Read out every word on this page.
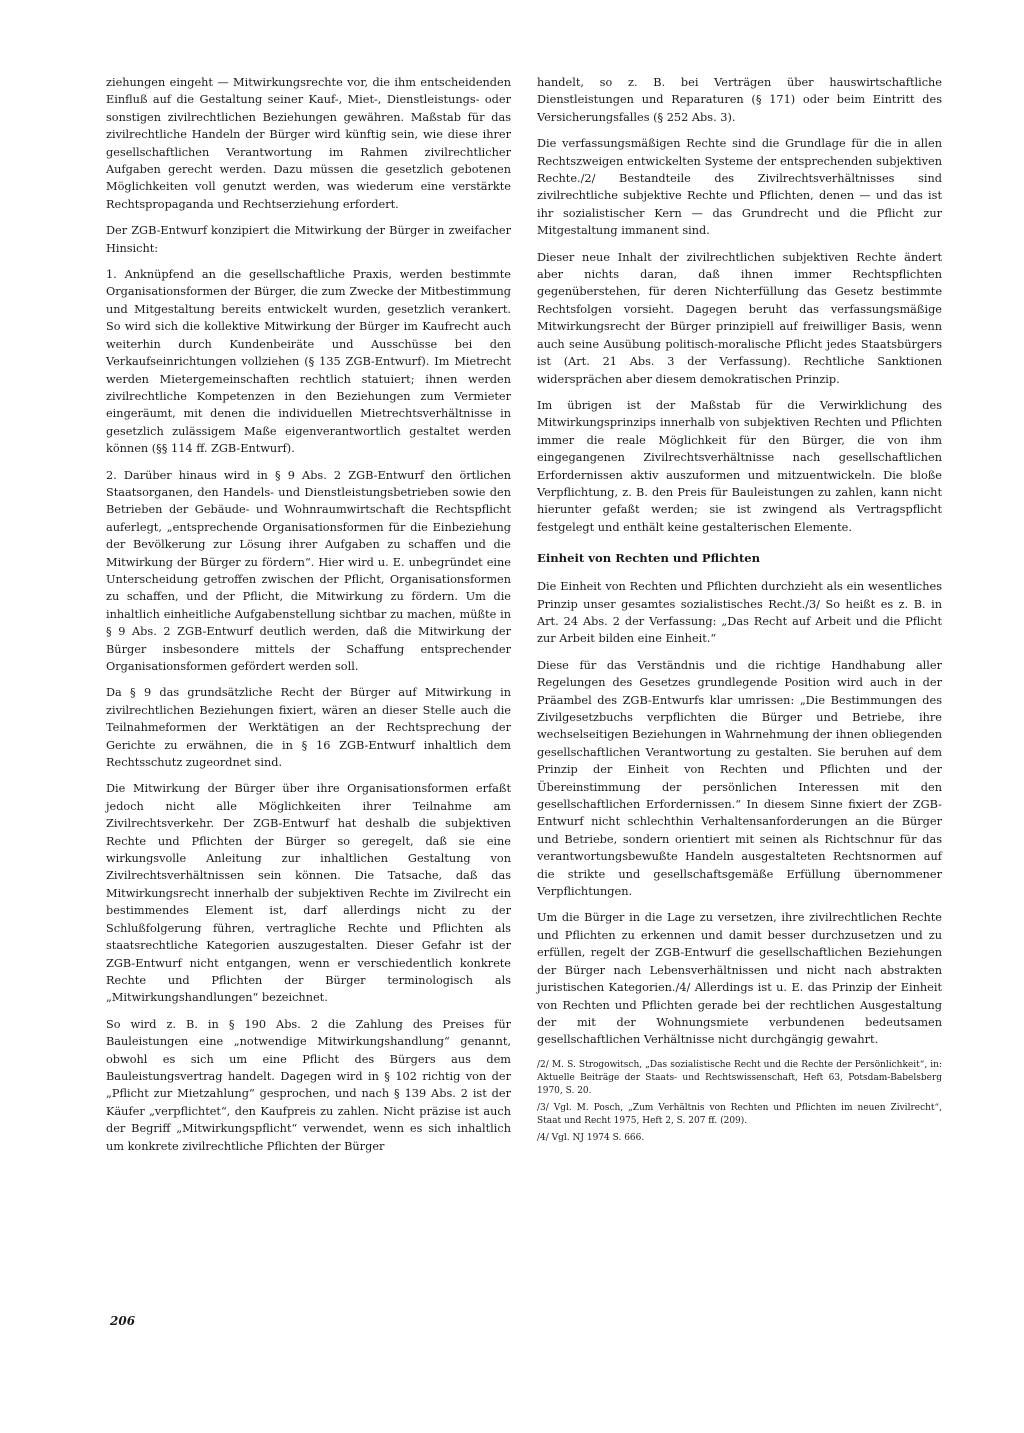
ziehungen eingeht — Mitwirkungsrechte vor, die ihm entscheidenden Einfluß auf die Gestaltung seiner Kauf-, Miet-, Dienstleistungs- oder sonstigen zivilrechtlichen Beziehungen gewähren. Maßstab für das zivilrechtliche Handeln der Bürger wird künftig sein, wie diese ihrer gesellschaftlichen Verantwortung im Rahmen zivilrechtlicher Aufgaben gerecht werden. Dazu müssen die gesetzlich gebotenen Möglichkeiten voll genutzt werden, was wiederum eine verstärkte Rechtspropaganda und Rechtserziehung erfordert.

Der ZGB-Entwurf konzipiert die Mitwirkung der Bürger in zweifacher Hinsicht:

1. Anknüpfend an die gesellschaftliche Praxis, werden bestimmte Organisationsformen der Bürger, die zum Zwecke der Mitbestimmung und Mitgestaltung bereits entwickelt wurden, gesetzlich verankert. So wird sich die kollektive Mitwirkung der Bürger im Kaufrecht auch weiterhin durch Kundenbeiräte und Ausschüsse bei den Verkaufseinrichtungen vollziehen (§ 135 ZGB-Entwurf). Im Mietrecht werden Mietergemeinschaften rechtlich statuiert; ihnen werden zivilrechtliche Kompetenzen in den Beziehungen zum Vermieter eingeräumt, mit denen die individuellen Mietrechtsverhältnisse in gesetzlich zulässigem Maße eigenverantwortlich gestaltet werden können (§§ 114 ff. ZGB-Entwurf).

2. Darüber hinaus wird in § 9 Abs. 2 ZGB-Entwurf den örtlichen Staatsorganen, den Handels- und Dienstleistungsbetrieben sowie den Betrieben der Gebäude- und Wohnraumwirtschaft die Rechtspflicht auferlegt, „entsprechende Organisationsformen für die Einbeziehung der Bevölkerung zur Lösung ihrer Aufgaben zu schaffen und die Mitwirkung der Bürger zu fördern“. Hier wird u. E. unbegründet eine Unterscheidung getroffen zwischen der Pflicht, Organisationsformen zu schaffen, und der Pflicht, die Mitwirkung zu fördern. Um die inhaltlich einheitliche Aufgabenstellung sichtbar zu machen, müßte in § 9 Abs. 2 ZGB-Entwurf deutlich werden, daß die Mitwirkung der Bürger insbesondere mittels der Schaffung entsprechender Organisationsformen gefördert werden soll.

Da § 9 das grundsätzliche Recht der Bürger auf Mitwirkung in zivilrechtlichen Beziehungen fixiert, wären an dieser Stelle auch die Teilnahmeformen der Werktätigen an der Rechtsprechung der Gerichte zu erwähnen, die in § 16 ZGB-Entwurf inhaltlich dem Rechtsschutz zugeordnet sind.

Die Mitwirkung der Bürger über ihre Organisationsformen erfaßt jedoch nicht alle Möglichkeiten ihrer Teilnahme am Zivilrechtsverkehr. Der ZGB-Entwurf hat deshalb die subjektiven Rechte und Pflichten der Bürger so geregelt, daß sie eine wirkungsvolle Anleitung zur inhaltlichen Gestaltung von Zivilrechtsverhältnissen sein können. Die Tatsache, daß das Mitwirkungsrecht innerhalb der subjektiven Rechte im Zivilrecht ein bestimmendes Element ist, darf allerdings nicht zu der Schlußfolgerung führen, vertragliche Rechte und Pflichten als staatsrechtliche Kategorien auszugestalten. Dieser Gefahr ist der ZGB-Entwurf nicht entgangen, wenn er verschiedentlich konkrete Rechte und Pflichten der Bürger terminologisch als „Mitwirkungshandlungen“ bezeichnet.

So wird z. B. in § 190 Abs. 2 die Zahlung des Preises für Bauleistungen eine „notwendige Mitwirkungshandlung“ genannt, obwohl es sich um eine Pflicht des Bürgers aus dem Bauleistungsvertrag handelt. Dagegen wird in § 102 richtig von der „Pflicht zur Mietzahlung“ gesprochen, und nach § 139 Abs. 2 ist der Käufer „verpflichtet“, den Kaufpreis zu zahlen. Nicht präzise ist auch der Begriff „Mitwirkungspflicht“ verwendet, wenn es sich inhaltlich um konkrete zivilrechtliche Pflichten der Bürger

handelt, so z. B. bei Verträgen über hauswirtschaftliche Dienstleistungen und Reparaturen (§ 171) oder beim Eintritt des Versicherungsfalles (§ 252 Abs. 3).

Die verfassungsmäßigen Rechte sind die Grundlage für die in allen Rechtszweigen entwickelten Systeme der entsprechenden subjektiven Rechte./2/ Bestandteile des Zivilrechtsverhältnisses sind zivilrechtliche subjektive Rechte und Pflichten, denen — und das ist ihr sozialistischer Kern — das Grundrecht und die Pflicht zur Mitgestaltung immanent sind.

Dieser neue Inhalt der zivilrechtlichen subjektiven Rechte ändert aber nichts daran, daß ihnen immer Rechtspflichten gegenüberstehen, für deren Nichterfüllung das Gesetz bestimmte Rechtsfolgen vorsieht. Dagegen beruht das verfassungsmäßige Mitwirkungsrecht der Bürger prinzipiell auf freiwilliger Basis, wenn auch seine Ausübung politisch-moralische Pflicht jedes Staatsbürgers ist (Art. 21 Abs. 3 der Verfassung). Rechtliche Sanktionen widersprächen aber diesem demokratischen Prinzip.

Im übrigen ist der Maßstab für die Verwirklichung des Mitwirkungsprinzips innerhalb von subjektiven Rechten und Pflichten immer die reale Möglichkeit für den Bürger, die von ihm eingegangenen Zivilrechtsverhältnisse nach gesellschaftlichen Erfordernissen aktiv auszuformen und mitzuentwickeln. Die bloße Verpflichtung, z. B. den Preis für Bauleistungen zu zahlen, kann nicht hierunter gefaßt werden; sie ist zwingend als Vertragspflicht festgelegt und enthält keine gestalterischen Elemente.

Einheit von Rechten und Pflichten

Die Einheit von Rechten und Pflichten durchzieht als ein wesentliches Prinzip unser gesamtes sozialistisches Recht./3/ So heißt es z. B. in Art. 24 Abs. 2 der Verfassung: „Das Recht auf Arbeit und die Pflicht zur Arbeit bilden eine Einheit.“

Diese für das Verständnis und die richtige Handhabung aller Regelungen des Gesetzes grundlegende Position wird auch in der Präambel des ZGB-Entwurfs klar umrissen: „Die Bestimmungen des Zivilgesetzbuchs verpflichten die Bürger und Betriebe, ihre wechselseitigen Beziehungen in Wahrnehmung der ihnen obliegenden gesellschaftlichen Verantwortung zu gestalten. Sie beruhen auf dem Prinzip der Einheit von Rechten und Pflichten und der Übereinstimmung der persönlichen Interessen mit den gesellschaftlichen Erfordernissen.“ In diesem Sinne fixiert der ZGB-Entwurf nicht schlechthin Verhaltensanforderungen an die Bürger und Betriebe, sondern orientiert mit seinen als Richtschnur für das verantwortungsbewußte Handeln ausgestalteten Rechtsnormen auf die strikte und gesellschaftsgemäße Erfüllung übernommener Verpflichtungen.

Um die Bürger in die Lage zu versetzen, ihre zivilrechtlichen Rechte und Pflichten zu erkennen und damit besser durchzusetzen und zu erfüllen, regelt der ZGB-Entwurf die gesellschaftlichen Beziehungen der Bürger nach Lebensverhältnissen und nicht nach abstrakten juristischen Kategorien./4/ Allerdings ist u. E. das Prinzip der Einheit von Rechten und Pflichten gerade bei der rechtlichen Ausgestaltung der mit der Wohnungsmiete verbundenen bedeutsamen gesellschaftlichen Verhältnisse nicht durchgängig gewahrt.

/2/ M. S. Strogowitsch, „Das sozialistische Recht und die Rechte der Persönlichkeit“, in: Aktuelle Beiträge der Staats- und Rechtswissenschaft, Heft 63, Potsdam-Babelsberg 1970, S. 20.

/3/ Vgl. M. Posch, „Zum Verhältnis von Rechten und Pflichten im neuen Zivilrecht“, Staat und Recht 1975, Heft 2, S. 207 ff. (209).

/4/ Vgl. NJ 1974 S. 666.

206
